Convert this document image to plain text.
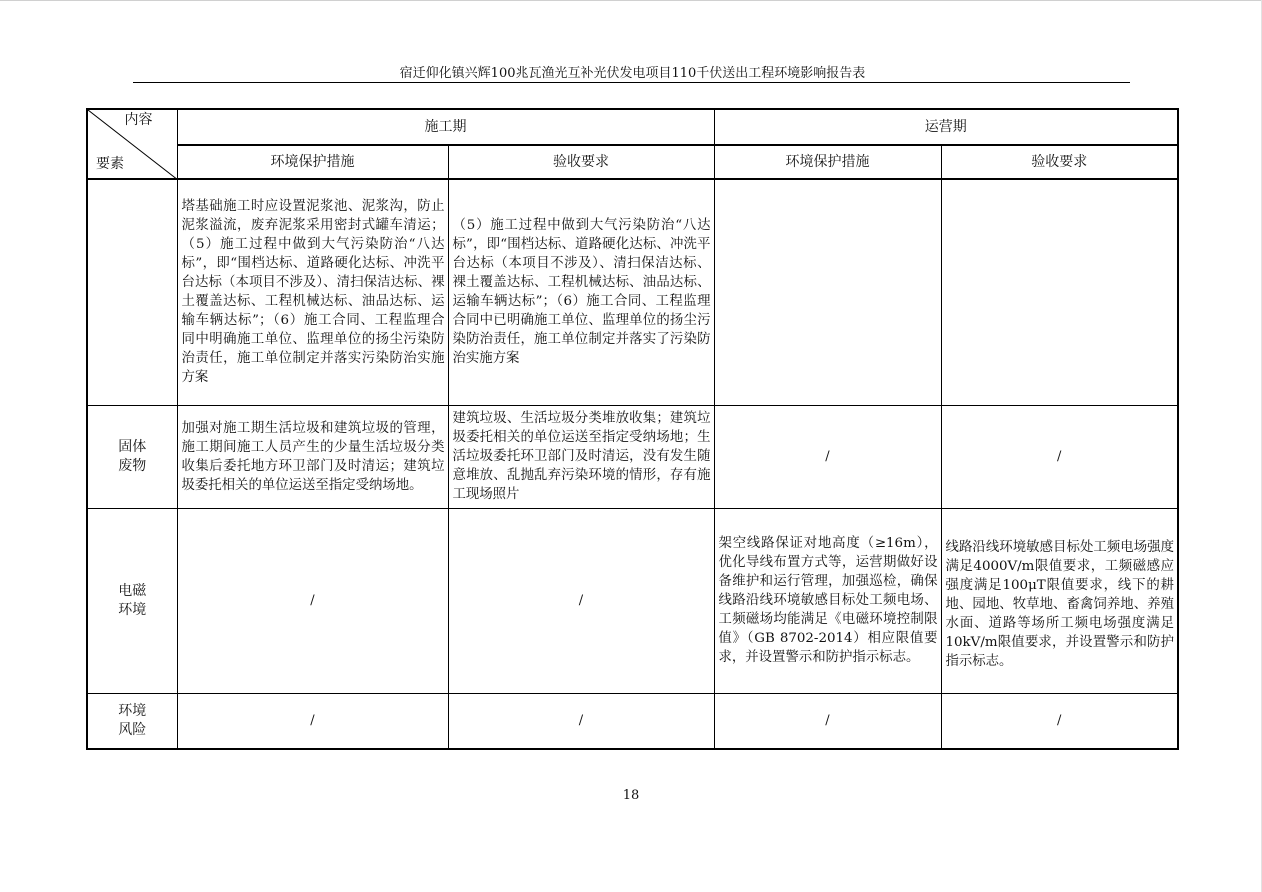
宿迁仰化镇兴辉100兆瓦渔光互补光伏发电项目110千伏送出工程环境影响报告表
内容
要素	施工期		运营期	
	环境保护措施	验收要求	环境保护措施	验收要求

	塔基础施工时应设置泥浆池、泥浆沟，防止泥浆溢流，废弃泥浆采用密封式罐车清运；（5）施工过程中做到大气污染防治“八达标”，即“围档达标、道路硬化达标、冲洗平台达标（本项目不涉及）、清扫保洁达标、裸土覆盖达标、工程机械达标、油品达标、运输车辆达标”；（6）施工合同、工程监理合同中明确施工单位、监理单位的扬尘污染防治责任，施工单位制定并落实污染防治实施方案	（5）施工过程中做到大气污染防治“八达标”，即“围档达标、道路硬化达标、冲洗平台达标（本项目不涉及）、清扫保洁达标、裸土覆盖达标、工程机械达标、油品达标、运输车辆达标”；（6）施工合同、工程监理合同中已明确施工单位、监理单位的扬尘污染防治责任，施工单位制定并落实了污染防治实施方案		

固体
废物	加强对施工期生活垃圾和建筑垃圾的管理，施工期间施工人员产生的少量生活垃圾分类收集后委托地方环卫部门及时清运；建筑垃圾委托相关的单位运送至指定受纳场地。	建筑垃圾、生活垃圾分类堆放收集；建筑垃圾委托相关的单位运送至指定受纳场地；生活垃圾委托环卫部门及时清运，没有发生随意堆放、乱抛乱弃污染环境的情形，存有施工现场照片	/	/

电磁
环境	/	/	架空线路保证对地高度（≥16m），优化导线布置方式等，运营期做好设备维护和运行管理，加强巡检，确保线路沿线环境敏感目标处工频电场、工频磁场均能满足《电磁环境控制限值》（GB 8702-2014）相应限值要求，并设置警示和防护指示标志。	线路沿线环境敏感目标处工频电场强度满足4000V/m限值要求，工频磁感应强度满足100μT限值要求，线下的耕地、园地、牧草地、畜禽饲养地、养殖水面、道路等场所工频电场强度满足10kV/m限值要求，并设置警示和防护指示标志。

环境
风险	/	/	/	/
18
